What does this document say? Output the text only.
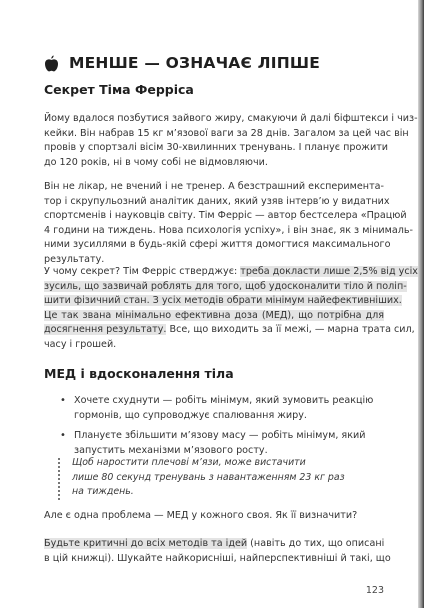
МЕНШЕ — ОЗНАЧАЄ ЛІПШЕ
Секрет Тіма Ферріса
Йому вдалося позбутися зайвого жиру, смакуючи й далі біфштекси і чиз-
кейки. Він набрав 15 кг м’язової ваги за 28 днів. Загалом за цей час він
провів у спортзалі вісім 30-хвилинних тренувань. І планує прожити
до 120 років, ні в чому собі не відмовляючи.
Він не лікар, не вчений і не тренер. А безстрашний експеримента-
тор і скрупульозний аналітик даних, який узяв інтерв’ю у видатних
спортсменів і науковців світу. Тім Ферріс — автор бестселера «Працюй
4 години на тиждень. Нова психологія успіху», і він знає, як з мінималь-
ними зусиллями в будь-якій сфері життя домогтися максимального
результату.
У чому секрет? Тім Ферріс стверджує: треба докласти лише 2,5% від усіх
зусиль, що зазвичай роблять для того, щоб удосконалити тіло й поліп-
шити фізичний стан. З усіх методів обрати мінімум найефективніших.
Це так звана мінімально ефективна доза (МЕД), що потрібна для
досягнення результату. Все, що виходить за її межі, — марна трата сил,
часу і грошей.
МЕД і вдосконалення тіла
• Хочете схуднути — робіть мінімум, який зумовить реакцію
гормонів, що супроводжує спалювання жиру.
• Плануєте збільшити м’язову масу — робіть мінімум, який
запустить механізми м’язового росту.
Щоб наростити плечові м’язи, може вистачити
лише 80 секунд тренувань з навантаженням 23 кг раз
на тиждень.
Але є одна проблема — МЕД у кожного своя. Як її визначити?
Будьте критичні до всіх методів та ідей (навіть до тих, що описані
в цій книжці). Шукайте найкорисніші, найперспективніші й такі, що
123
